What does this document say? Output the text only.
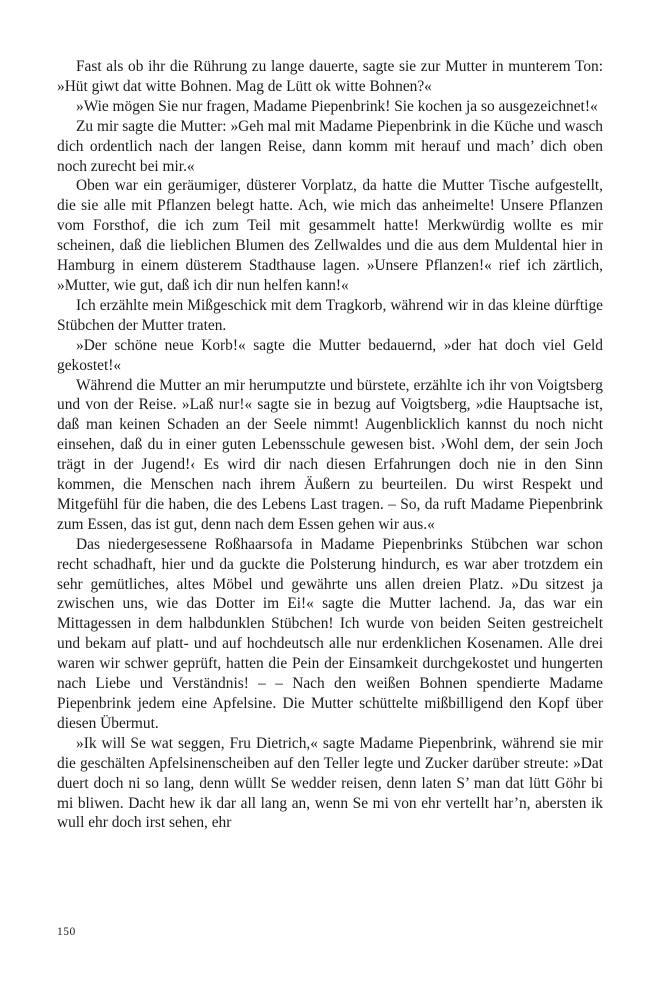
Fast als ob ihr die Rührung zu lange dauerte, sagte sie zur Mutter in munterem Ton: »Hüt giwt dat witte Bohnen. Mag de Lütt ok witte Bohnen?«

»Wie mögen Sie nur fragen, Madame Piepenbrink! Sie kochen ja so ausgezeichnet!«

Zu mir sagte die Mutter: »Geh mal mit Madame Piepenbrink in die Küche und wasch dich ordentlich nach der langen Reise, dann komm mit herauf und mach’ dich oben noch zurecht bei mir.«

Oben war ein geräumiger, düsterer Vorplatz, da hatte die Mutter Tische aufgestellt, die sie alle mit Pflanzen belegt hatte. Ach, wie mich das anheimelte! Unsere Pflanzen vom Forsthof, die ich zum Teil mit gesammelt hatte! Merkwürdig wollte es mir scheinen, daß die lieblichen Blumen des Zellwaldes und die aus dem Muldental hier in Hamburg in einem düsterem Stadthause lagen. »Unsere Pflanzen!« rief ich zärtlich, »Mutter, wie gut, daß ich dir nun helfen kann!«

Ich erzählte mein Mißgeschick mit dem Tragkorb, während wir in das kleine dürftige Stübchen der Mutter traten.

»Der schöne neue Korb!« sagte die Mutter bedauernd, »der hat doch viel Geld gekostet!«

Während die Mutter an mir herumputzte und bürstete, erzählte ich ihr von Voigtsberg und von der Reise. »Laß nur!« sagte sie in bezug auf Voigtsberg, »die Hauptsache ist, daß man keinen Schaden an der Seele nimmt! Augenblicklich kannst du noch nicht einsehen, daß du in einer guten Lebensschule gewesen bist. ›Wohl dem, der sein Joch trägt in der Jugend!‹ Es wird dir nach diesen Erfahrungen doch nie in den Sinn kommen, die Menschen nach ihrem Äußern zu beurteilen. Du wirst Respekt und Mitgefühl für die haben, die des Lebens Last tragen. – So, da ruft Madame Piepenbrink zum Essen, das ist gut, denn nach dem Essen gehen wir aus.«

Das niedergesessene Roßhaarsofa in Madame Piepenbrinks Stübchen war schon recht schadhaft, hier und da guckte die Polsterung hindurch, es war aber trotzdem ein sehr gemütliches, altes Möbel und gewährte uns allen dreien Platz. »Du sitzest ja zwischen uns, wie das Dotter im Ei!« sagte die Mutter lachend. Ja, das war ein Mittagessen in dem halbdunklen Stübchen! Ich wurde von beiden Seiten gestreichelt und bekam auf platt- und auf hochdeutsch alle nur erdenklichen Kosenamen. Alle drei waren wir schwer geprüft, hatten die Pein der Einsamkeit durchgekostet und hungerten nach Liebe und Verständnis! – – Nach den weißen Bohnen spendierte Madame Piepenbrink jedem eine Apfelsine. Die Mutter schüttelte mißbilligend den Kopf über diesen Übermut.

»Ik will Se wat seggen, Fru Dietrich,« sagte Madame Piepenbrink, während sie mir die geschälten Apfelsinenscheiben auf den Teller legte und Zucker darüber streute: »Dat duert doch ni so lang, denn wüllt Se wedder reisen, denn laten S’ man dat lütt Göhr bi mi bliwen. Dacht hew ik dar all lang an, wenn Se mi von ehr vertellt har’n, abersten ik wull ehr doch irst sehen, ehr

150
